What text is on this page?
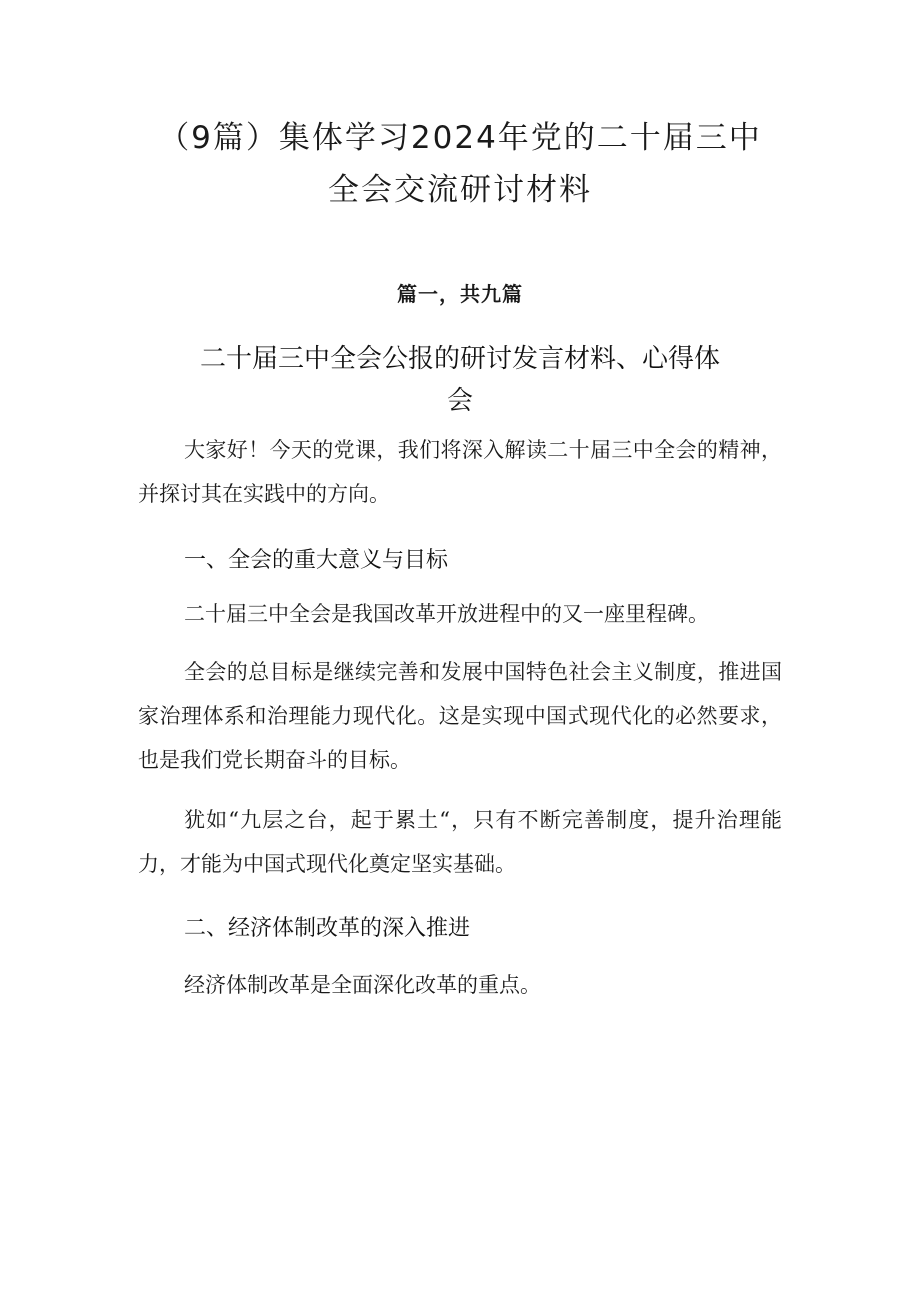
（9篇）集体学习2024年党的二十届三中
全会交流研讨材料
篇一，共九篇
二十届三中全会公报的研讨发言材料、心得体
会

大家好！今天的党课，我们将深入解读二十届三中全会的精神，并探讨其在实践中的方向。

一、全会的重大意义与目标

二十届三中全会是我国改革开放进程中的又一座里程碑。

全会的总目标是继续完善和发展中国特色社会主义制度，推进国家治理体系和治理能力现代化。这是实现中国式现代化的必然要求，也是我们党长期奋斗的目标。

犹如“九层之台，起于累土“，只有不断完善制度，提升治理能力，才能为中国式现代化奠定坚实基础。

二、经济体制改革的深入推进

经济体制改革是全面深化改革的重点。
